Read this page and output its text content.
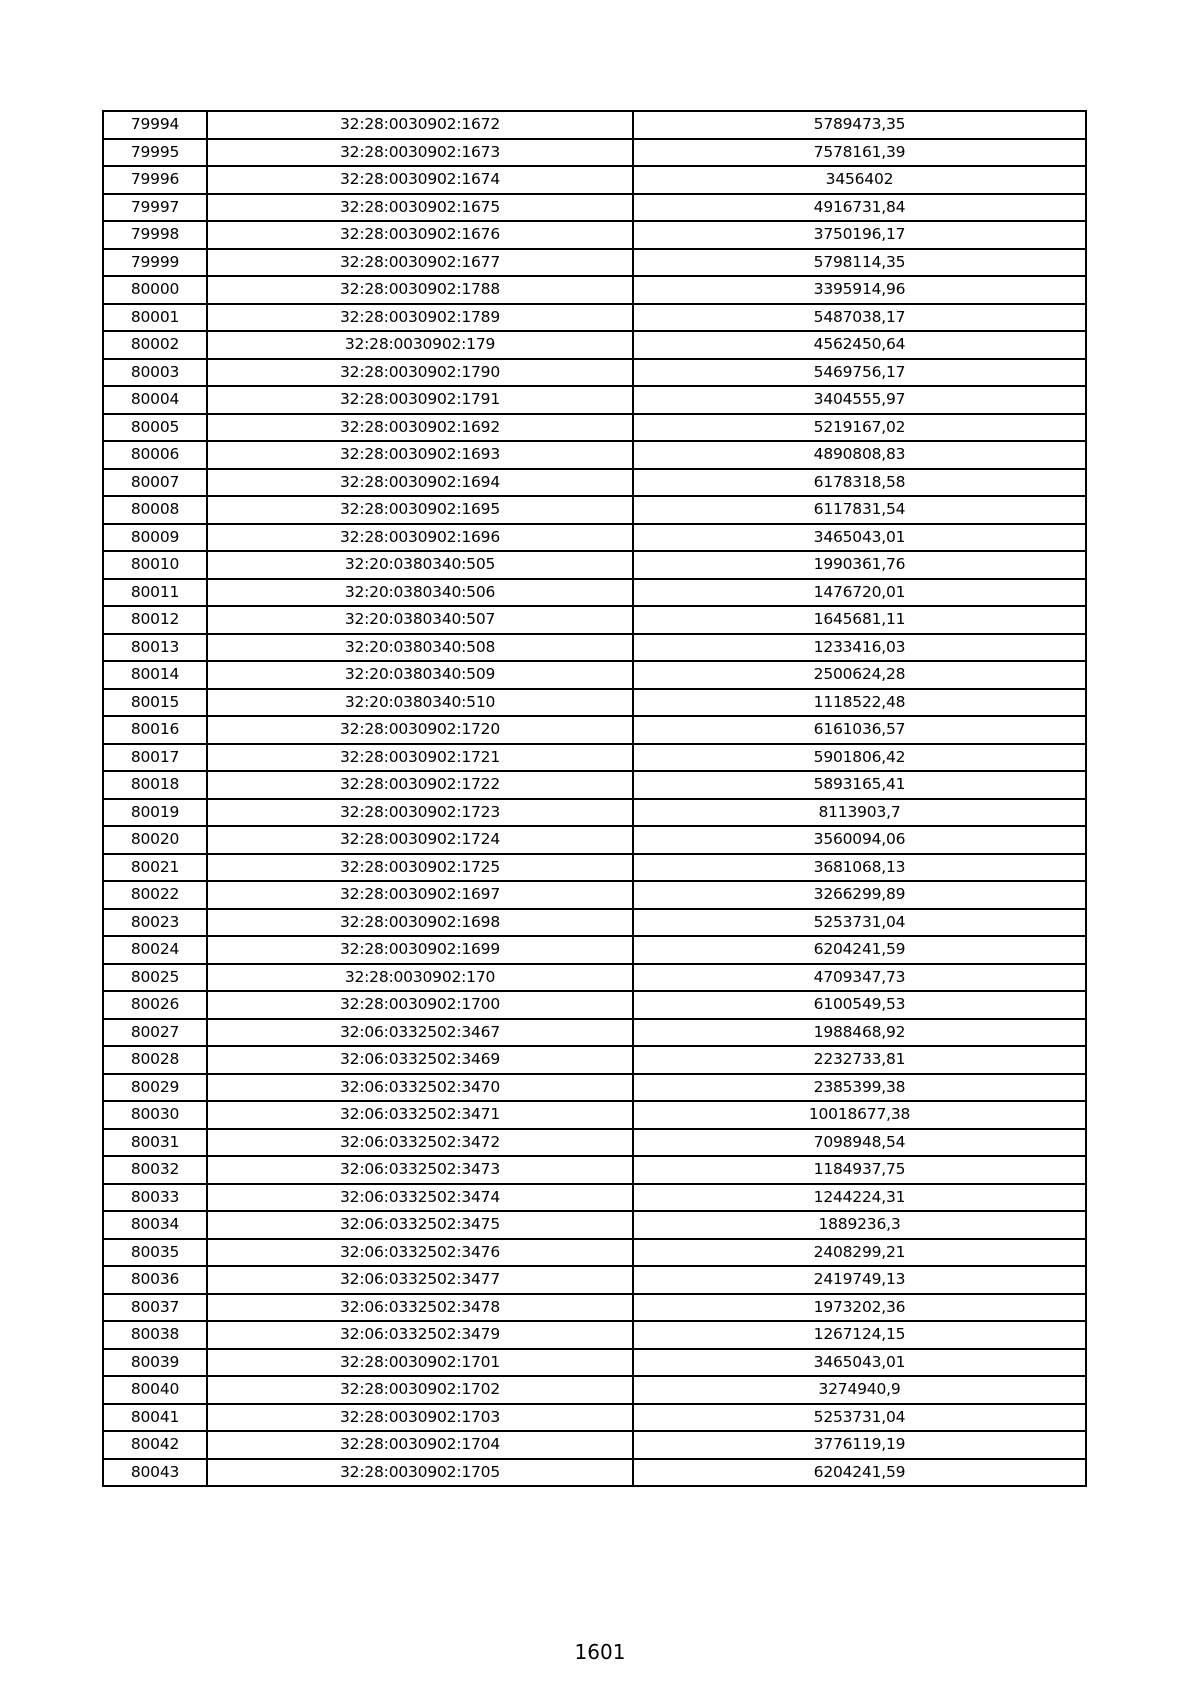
79994	32:28:0030902:1672	5789473,35
79995	32:28:0030902:1673	7578161,39
79996	32:28:0030902:1674	3456402
79997	32:28:0030902:1675	4916731,84
79998	32:28:0030902:1676	3750196,17
79999	32:28:0030902:1677	5798114,35
80000	32:28:0030902:1788	3395914,96
80001	32:28:0030902:1789	5487038,17
80002	32:28:0030902:179	4562450,64
80003	32:28:0030902:1790	5469756,17
80004	32:28:0030902:1791	3404555,97
80005	32:28:0030902:1692	5219167,02
80006	32:28:0030902:1693	4890808,83
80007	32:28:0030902:1694	6178318,58
80008	32:28:0030902:1695	6117831,54
80009	32:28:0030902:1696	3465043,01
80010	32:20:0380340:505	1990361,76
80011	32:20:0380340:506	1476720,01
80012	32:20:0380340:507	1645681,11
80013	32:20:0380340:508	1233416,03
80014	32:20:0380340:509	2500624,28
80015	32:20:0380340:510	1118522,48
80016	32:28:0030902:1720	6161036,57
80017	32:28:0030902:1721	5901806,42
80018	32:28:0030902:1722	5893165,41
80019	32:28:0030902:1723	8113903,7
80020	32:28:0030902:1724	3560094,06
80021	32:28:0030902:1725	3681068,13
80022	32:28:0030902:1697	3266299,89
80023	32:28:0030902:1698	5253731,04
80024	32:28:0030902:1699	6204241,59
80025	32:28:0030902:170	4709347,73
80026	32:28:0030902:1700	6100549,53
80027	32:06:0332502:3467	1988468,92
80028	32:06:0332502:3469	2232733,81
80029	32:06:0332502:3470	2385399,38
80030	32:06:0332502:3471	10018677,38
80031	32:06:0332502:3472	7098948,54
80032	32:06:0332502:3473	1184937,75
80033	32:06:0332502:3474	1244224,31
80034	32:06:0332502:3475	1889236,3
80035	32:06:0332502:3476	2408299,21
80036	32:06:0332502:3477	2419749,13
80037	32:06:0332502:3478	1973202,36
80038	32:06:0332502:3479	1267124,15
80039	32:28:0030902:1701	3465043,01
80040	32:28:0030902:1702	3274940,9
80041	32:28:0030902:1703	5253731,04
80042	32:28:0030902:1704	3776119,19
80043	32:28:0030902:1705	6204241,59
1601
